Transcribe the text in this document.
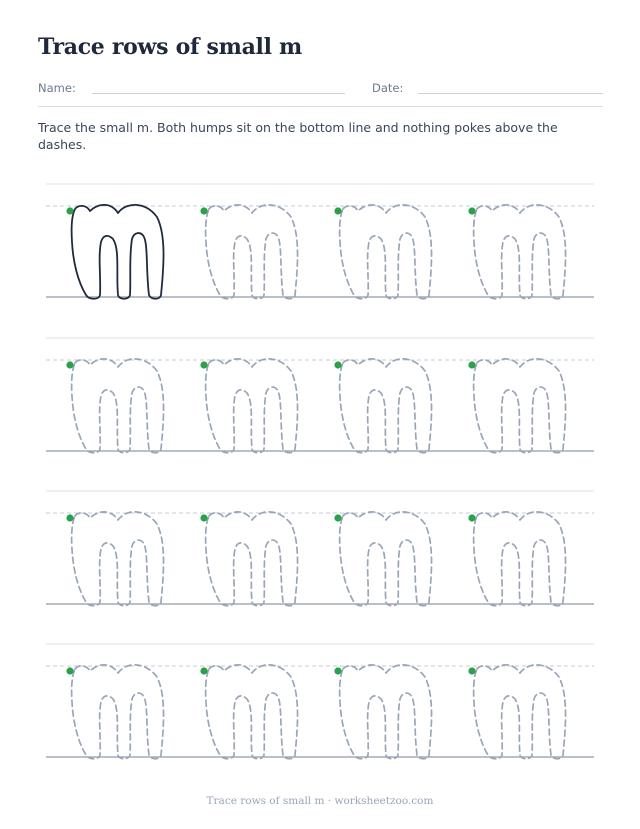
Trace rows of small m
Name:	Date:

Trace the small m. Both humps sit on the bottom line and nothing pokes above the dashes.

Trace rows of small m · worksheetzoo.com
